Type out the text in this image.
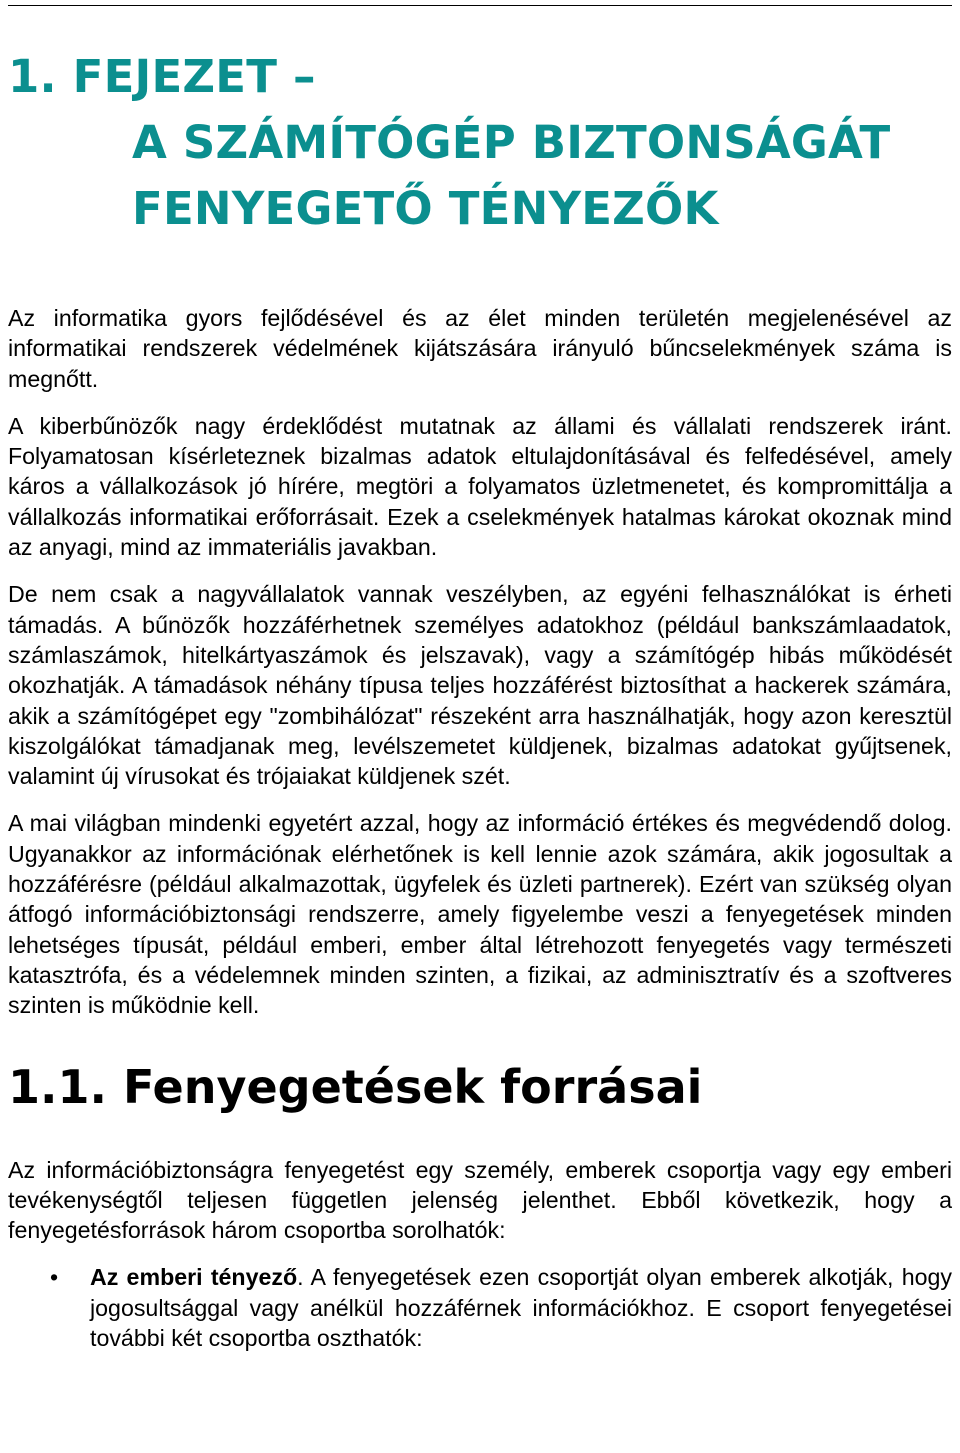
1. FEJEZET –
A SZÁMÍTÓGÉP BIZTONSÁGÁT
FENYEGETŐ TÉNYEZŐK

Az informatika gyors fejlődésével és az élet minden területén megjelenésével az informatikai rendszerek védelmének kijátszására irányuló bűncselekmények száma is megnőtt.

A kiberbűnözők nagy érdeklődést mutatnak az állami és vállalati rendszerek iránt. Folyamatosan kísérleteznek bizalmas adatok eltulajdonításával és felfedésével, amely káros a vállalkozások jó hírére, megtöri a folyamatos üzletmenetet, és kompromittálja a vállalkozás informatikai erőforrásait. Ezek a cselekmények hatalmas károkat okoznak mind az anyagi, mind az immateriális javakban.

De nem csak a nagyvállalatok vannak veszélyben, az egyéni felhasználókat is érheti támadás. A bűnözők hozzáférhetnek személyes adatokhoz (például bankszámlaadatok, számlaszámok, hitelkártyaszámok és jelszavak), vagy a számítógép hibás működését okozhatják. A támadások néhány típusa teljes hozzáférést biztosíthat a hackerek számára, akik a számítógépet egy "zombihálózat" részeként arra használhatják, hogy azon keresztül kiszolgálókat támadjanak meg, levélszemetet küldjenek, bizalmas adatokat gyűjtsenek, valamint új vírusokat és trójaiakat küldjenek szét.

A mai világban mindenki egyetért azzal, hogy az információ értékes és megvédendő dolog. Ugyanakkor az információnak elérhetőnek is kell lennie azok számára, akik jogosultak a hozzáférésre (például alkalmazottak, ügyfelek és üzleti partnerek). Ezért van szükség olyan átfogó információbiztonsági rendszerre, amely figyelembe veszi a fenyegetések minden lehetséges típusát, például emberi, ember által létrehozott fenyegetés vagy természeti katasztrófa, és a védelemnek minden szinten, a fizikai, az adminisztratív és a szoftveres szinten is működnie kell.

1.1. Fenyegetések forrásai

Az információbiztonságra fenyegetést egy személy, emberek csoportja vagy egy emberi tevékenységtől teljesen független jelenség jelenthet. Ebből következik, hogy a fenyegetésforrások három csoportba sorolhatók:

• Az emberi tényező. A fenyegetések ezen csoportját olyan emberek alkotják, hogy jogosultsággal vagy anélkül hozzáférnek információkhoz. E csoport fenyegetései további két csoportba oszthatók:
